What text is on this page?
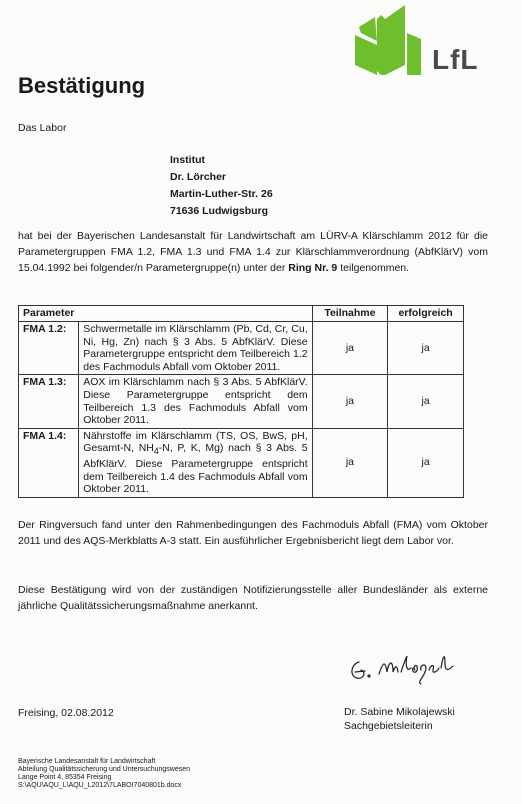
LfL
Bestätigung
Das Labor
Institut
Dr. Lörcher
Martin-Luther-Str. 26
71636 Ludwigsburg
hat bei der Bayerischen Landesanstalt für Landwirtschaft am LÜRV-A Klärschlamm 2012 für die Parametergruppen FMA 1.2, FMA 1.3 und FMA 1.4 zur Klärschlammverordnung (AbfKlärV) vom 15.04.1992 bei folgender/n Parametergruppe(n) unter der Ring Nr. 9 teilgenommen.
Parameter		Teilnahme	erfolgreich
FMA 1.2:	Schwermetalle im Klärschlamm (Pb, Cd, Cr, Cu, Ni, Hg, Zn) nach § 3 Abs. 5 AbfKlärV. Diese Parametergruppe entspricht dem Teilbereich 1.2 des Fachmoduls Abfall vom Oktober 2011.	ja	ja
FMA 1.3:	AOX im Klärschlamm nach § 3 Abs. 5 AbfKlärV. Diese Parametergruppe entspricht dem Teilbereich 1.3 des Fachmoduls Abfall vom Oktober 2011.	ja	ja
FMA 1.4:	Nährstoffe im Klärschlamm (TS, OS, BwS, pH, Gesamt-N, $NH_4-N$, P, K, Mg) nach § 3 Abs. 5 AbfKlärV. Diese Parametergruppe entspricht dem Teilbereich 1.4 des Fachmoduls Abfall vom Oktober 2011.	ja	ja
Der Ringversuch fand unter den Rahmenbedingungen des Fachmoduls Abfall (FMA) vom Oktober 2011 und des AQS-Merkblatts A-3 statt. Ein ausführlicher Ergebnisbericht liegt dem Labor vor.
Diese Bestätigung wird von der zuständigen Notifizierungsstelle aller Bundesländer als externe jährliche Qualitätssicherungsmaßnahme anerkannt.
Freising, 02.08.2012	Dr. Sabine Mikolajewski
Sachgebietsleiterin
Bayerische Landesanstalt für Landwirtschaft
Abteilung Qualitätssicherung und Untersuchungswesen
Lange Point 4, 85354 Freising
S:\AQU\AQU_L\AQU_L2012\7LABOI7040801b.docx
